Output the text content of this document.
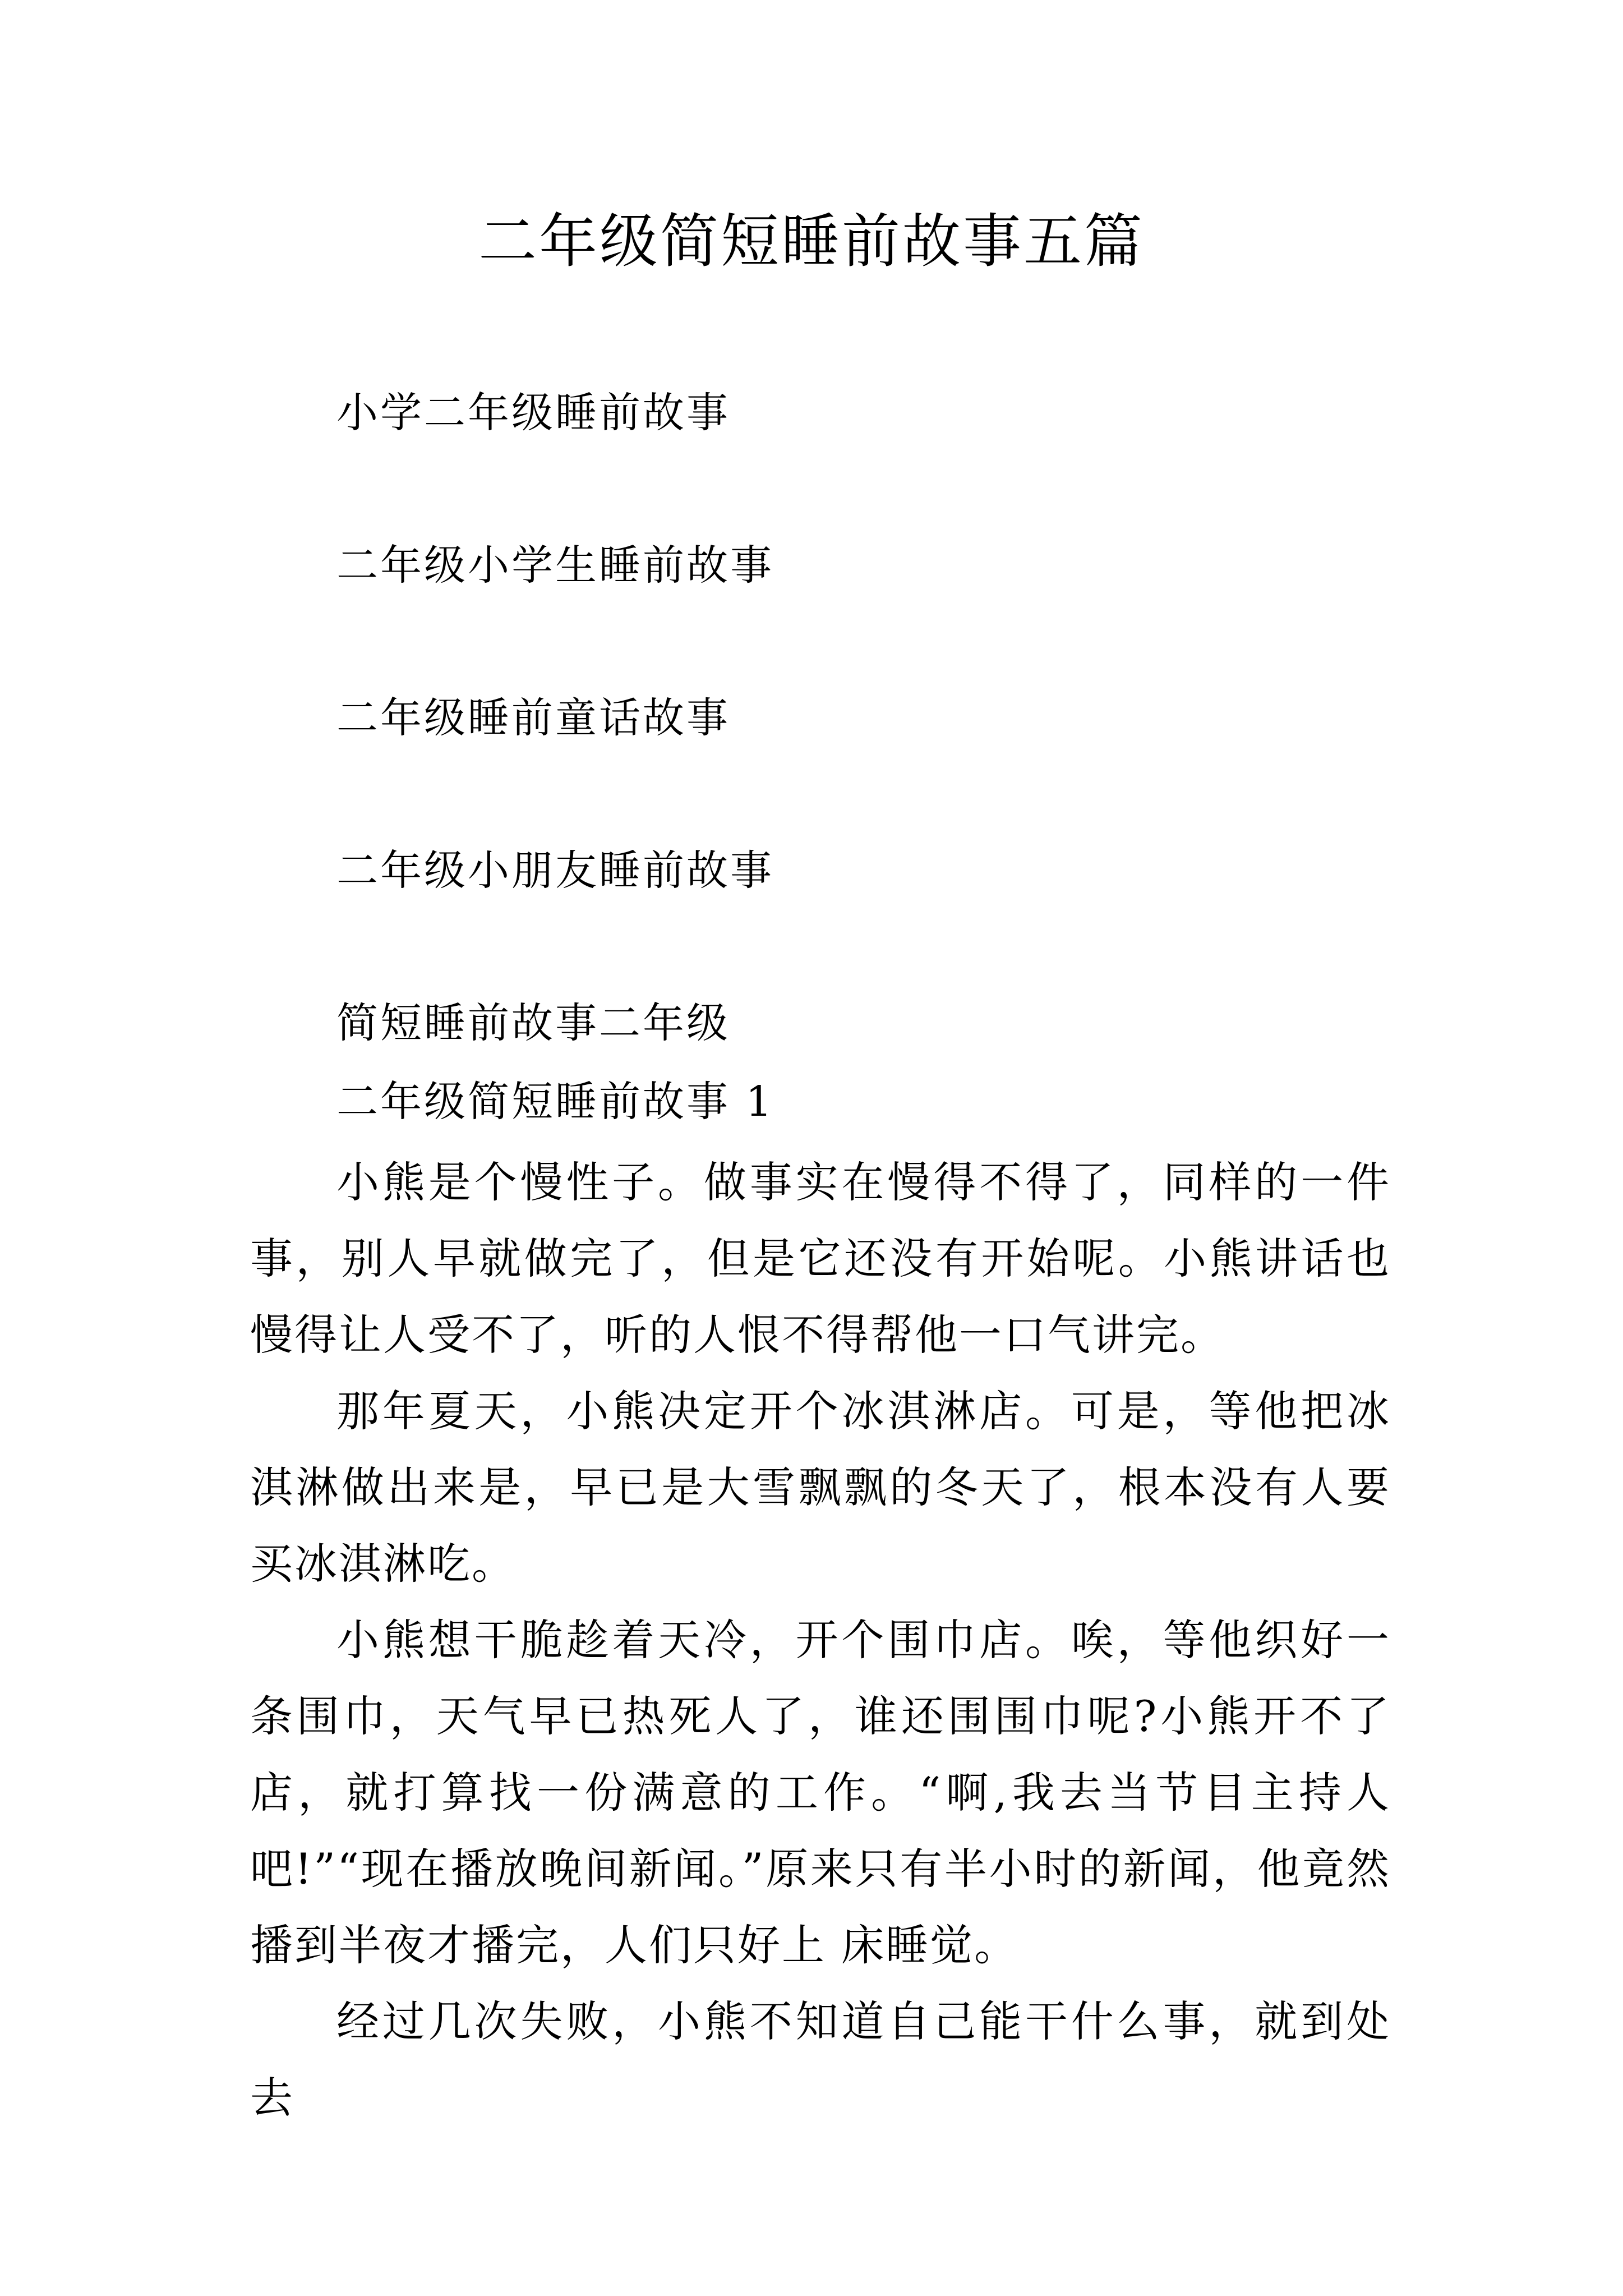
二年级简短睡前故事五篇

小学二年级睡前故事

二年级小学生睡前故事

二年级睡前童话故事

二年级小朋友睡前故事

简短睡前故事二年级

二年级简短睡前故事 1

小熊是个慢性子。做事实在慢得不得了，同样的一件事，别人早就做完了，但是它还没有开始呢。小熊讲话也慢得让人受不了，听的人恨不得帮他一口气讲完。

那年夏天，小熊决定开个冰淇淋店。可是，等他把冰淇淋做出来是，早已是大雪飘飘的冬天了，根本没有人要买冰淇淋吃。

小熊想干脆趁着天冷，开个围巾店。唉，等他织好一条围巾，天气早已热死人了，谁还围围巾呢?小熊开不了店，就打算找一份满意的工作。“啊,我去当节目主持人吧!”“现在播放晚间新闻。”原来只有半小时的新闻，他竟然播到半夜才播完，人们只好上 床睡觉。

经过几次失败，小熊不知道自己能干什么事，就到处去
